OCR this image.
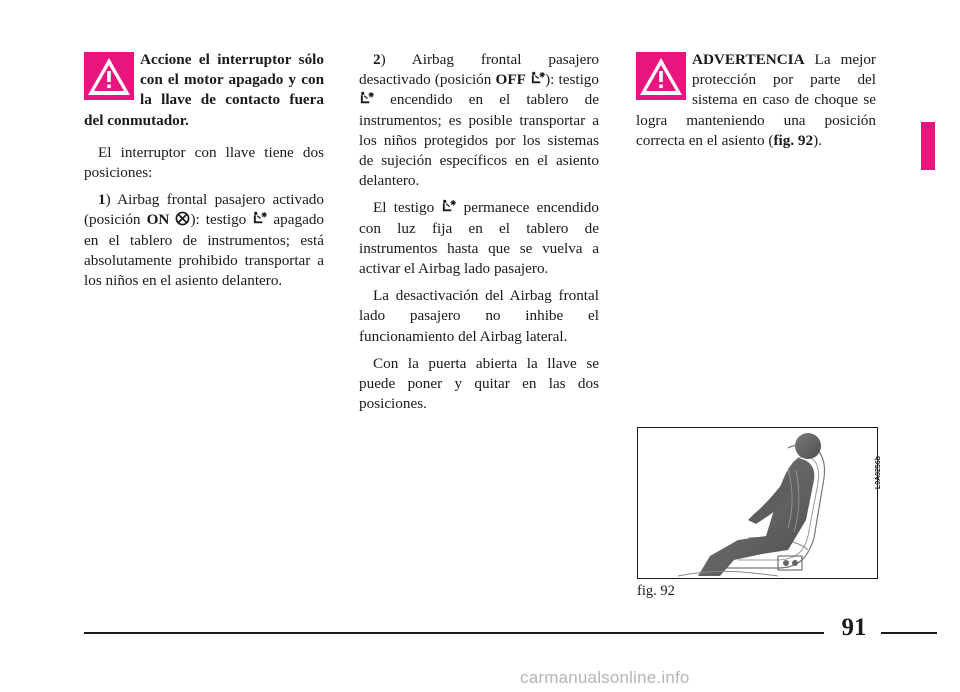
Accione el interruptor sólo con el motor apagado y con la llave de contacto fuera del conmutador.

El interruptor con llave tiene dos posiciones:

1) Airbag frontal pasajero activado (posición ON ): testigo  apagado en el tablero de instrumentos; está absolutamente prohibido transportar a los niños en el asiento delantero.

2) Airbag frontal pasajero desactivado (posición OFF ): testigo  encendido en el tablero de instrumentos; es posible transportar a los niños protegidos por los sistemas de sujeción específicos en el asiento delantero.

El testigo  permanece encendido con luz fija en el tablero de instrumentos hasta que se vuelva a activar el Airbag lado pasajero.

La desactivación del Airbag frontal lado pasajero no inhibe el funcionamiento del Airbag lateral.

Con la puerta abierta la llave se puede poner y quitar en las dos posiciones.

ADVERTENCIA La mejor protección por parte del sistema en caso de choque se logra manteniendo una posición correcta en el asiento (fig. 92).

L0A0256b
fig. 92
91
carmanualsonline.info
